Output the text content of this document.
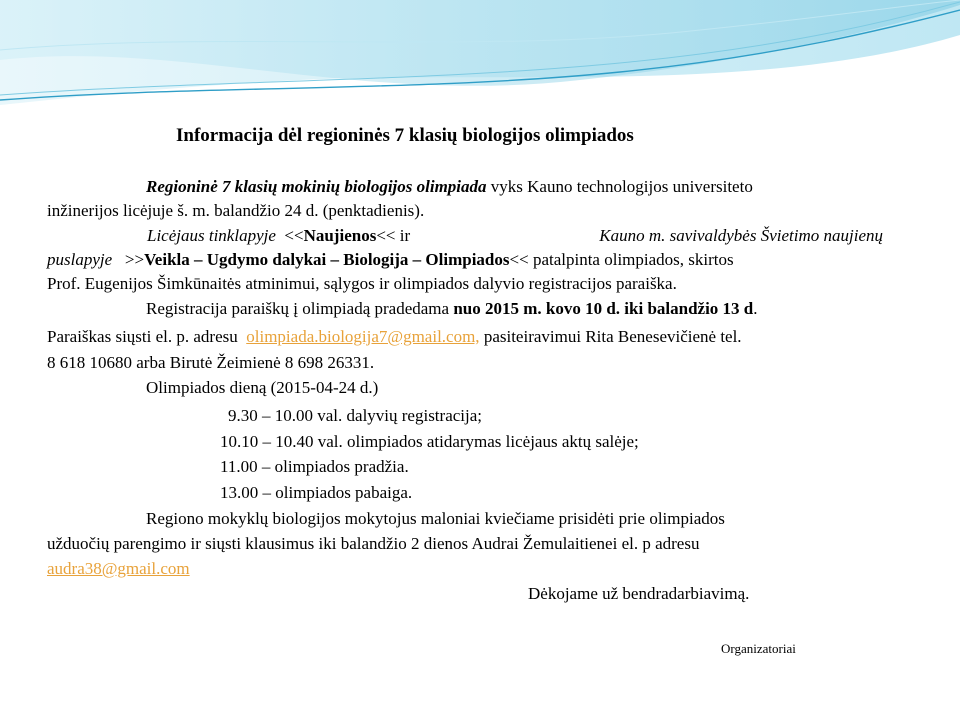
Informacija dėl regioninės 7 klasių biologijos olimpiados
Regioninė 7 klasių mokinių biologijos olimpiada vyks Kauno technologijos universiteto
inžinerijos licėjuje š. m. balandžio 24 d. (penktadienis).
Licėjaus tinklapyje <<Naujienos<< ir	Kauno m. savivaldybės Švietimo naujienų
puslapyje >>Veikla – Ugdymo dalykai – Biologija – Olimpiados<< patalpinta olimpiados, skirtos
Prof. Eugenijos Šimkūnaitės atminimui, sąlygos ir olimpiados dalyvio registracijos paraiška.
Registracija paraiškų į olimpiadą pradedama nuo 2015 m. kovo 10 d. iki balandžio 13 d.
Paraiškas siųsti el. p. adresu  olimpiada.biologija7@gmail.com, pasiteiravimui Rita Benesevičienė tel.
8 618 10680 arba Birutė Žeimienė 8 698 26331.
Olimpiados dieną (2015-04-24 d.)
9.30 – 10.00 val. dalyvių registracija;
10.10 – 10.40 val. olimpiados atidarymas licėjaus aktų salėje;
11.00 – olimpiados pradžia.
13.00 – olimpiados pabaiga.
Regiono mokyklų biologijos mokytojus maloniai kviečiame prisidėti prie olimpiados
užduočių parengimo ir siųsti klausimus iki balandžio 2 dienos Audrai Žemulaitienei el. p adresu
audra38@gmail.com
Dėkojame už bendradarbiavimą.
Organizatoriai
